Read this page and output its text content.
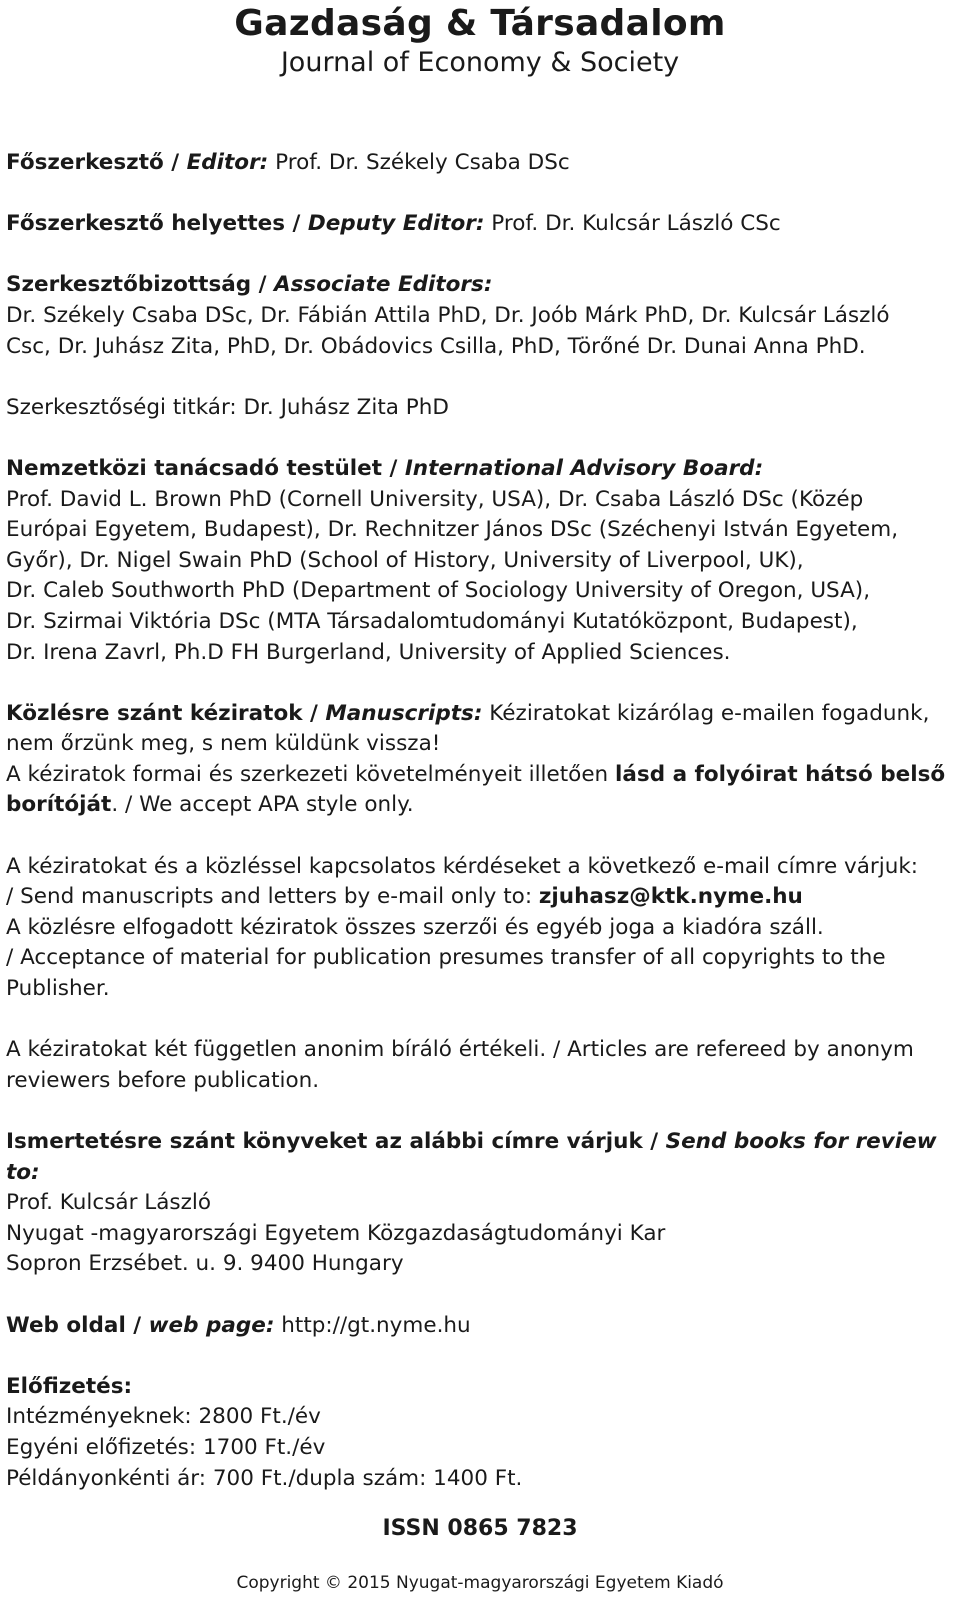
Gazdaság & Társadalom
Journal of Economy & Society

Főszerkesztő / Editor: Prof. Dr. Székely Csaba DSc

Főszerkesztő helyettes / Deputy Editor: Prof. Dr. Kulcsár László CSc

Szerkesztőbizottság / Associate Editors:

Dr. Székely Csaba DSc, Dr. Fábián Attila PhD, Dr. Joób Márk PhD, Dr. Kulcsár László

Csc, Dr. Juhász Zita, PhD, Dr. Obádovics Csilla, PhD, Törőné Dr. Dunai Anna PhD.

Szerkesztőségi titkár: Dr. Juhász Zita PhD

Nemzetközi tanácsadó testület / International Advisory Board:

Prof. David L. Brown PhD (Cornell University, USA), Dr. Csaba László DSc (Közép

Európai Egyetem, Budapest), Dr. Rechnitzer János DSc (Széchenyi István Egyetem,

Győr), Dr. Nigel Swain PhD (School of History, University of Liverpool, UK),

Dr. Caleb Southworth PhD (Department of Sociology University of Oregon, USA),

Dr. Szirmai Viktória DSc (MTA Társadalomtudományi Kutatóközpont, Budapest),

Dr. Irena Zavrl, Ph.D FH Burgerland, University of Applied Sciences.

Közlésre szánt kéziratok / Manuscripts: Kéziratokat kizárólag e-mailen fogadunk,

nem őrzünk meg, s nem küldünk vissza!

A kéziratok formai és szerkezeti követelményeit illetően lásd a folyóirat hátsó belső

borítóját. / We accept APA style only.

A kéziratokat és a közléssel kapcsolatos kérdéseket a következő e-mail címre várjuk:

/ Send manuscripts and letters by e-mail only to: zjuhasz@ktk.nyme.hu

A közlésre elfogadott kéziratok összes szerzői és egyéb joga a kiadóra száll.

/ Acceptance of material for publication presumes transfer of all copyrights to the

Publisher.

A kéziratokat két független anonim bíráló értékeli. / Articles are refereed by anonym

reviewers before publication.

Ismertetésre szánt könyveket az alábbi címre várjuk / Send books for review to:

Prof. Kulcsár László

Nyugat -magyarországi Egyetem Közgazdaságtudományi Kar

Sopron Erzsébet. u. 9. 9400 Hungary

Web oldal / web page: http://gt.nyme.hu

Előfizetés:

Intézményeknek: 2800 Ft./év

Egyéni előfizetés: 1700 Ft./év

Példányonkénti ár: 700 Ft./dupla szám: 1400 Ft.

ISSN 0865 7823
Copyright © 2015 Nyugat-magyarországi Egyetem Kiadó
